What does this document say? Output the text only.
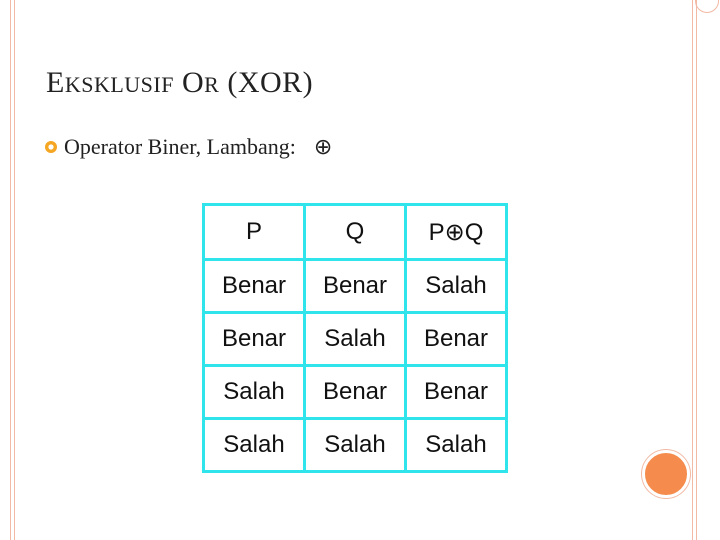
EKSKLUSIF OR (XOR)
Operator Biner, Lambang: ⊕
P	Q	P⊕Q
Benar	Benar	Salah
Benar	Salah	Benar
Salah	Benar	Benar
Salah	Salah	Salah
